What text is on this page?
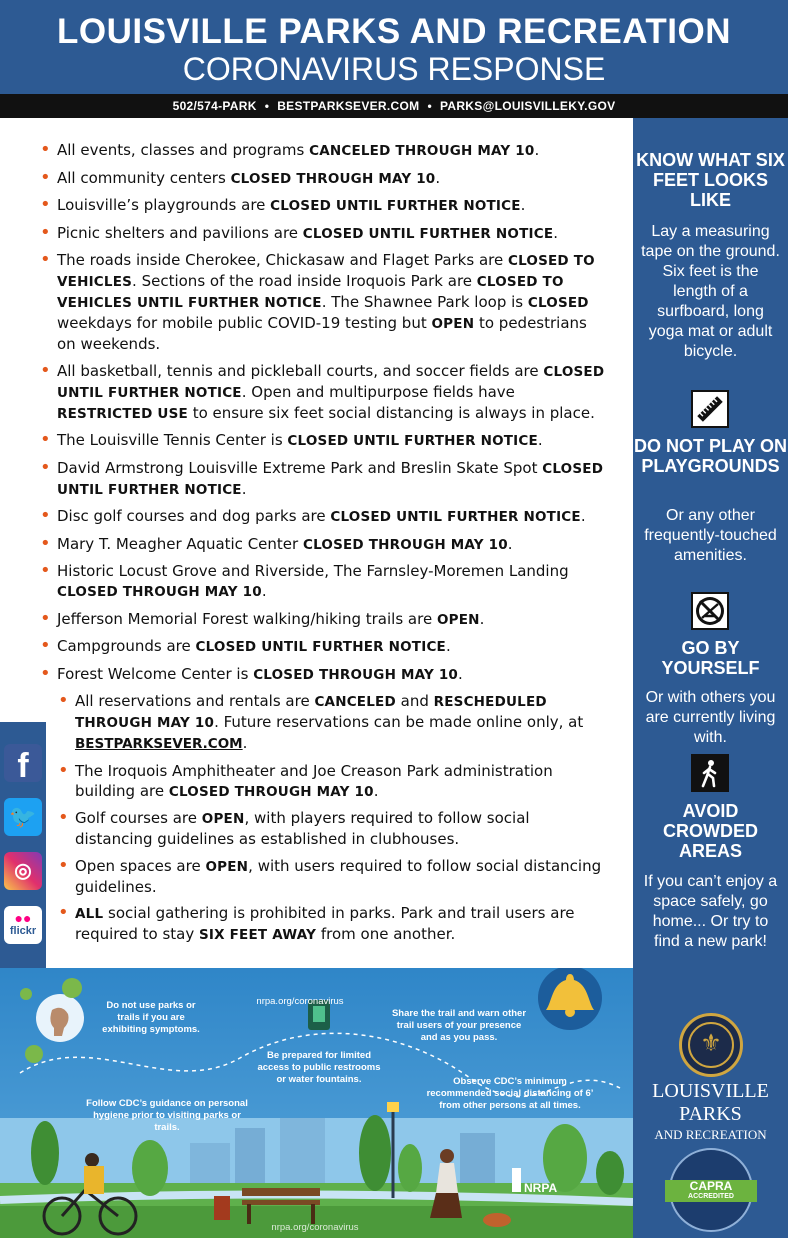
LOUISVILLE PARKS AND RECREATION
CORONAVIRUS RESPONSE
502/574-PARK • BESTPARKSEVER.COM • PARKS@LOUISVILLEKY.GOV
• All events, classes and programs CANCELED THROUGH MAY 10.
• All community centers CLOSED THROUGH MAY 10.
• Louisville’s playgrounds are CLOSED UNTIL FURTHER NOTICE.
• Picnic shelters and pavilions are CLOSED UNTIL FURTHER NOTICE.
• The roads inside Cherokee, Chickasaw and Flaget Parks are CLOSED TO VEHICLES. Sections of the road inside Iroquois Park are CLOSED TO VEHICLES UNTIL FURTHER NOTICE. The Shawnee Park loop is CLOSED weekdays for mobile public COVID-19 testing but OPEN to pedestrians on weekends.
• All basketball, tennis and pickleball courts, and soccer fields are CLOSED UNTIL FURTHER NOTICE. Open and multipurpose fields have RESTRICTED USE to ensure six feet social distancing is always in place.
• The Louisville Tennis Center is CLOSED UNTIL FURTHER NOTICE.
• David Armstrong Louisville Extreme Park and Breslin Skate Spot CLOSED UNTIL FURTHER NOTICE.
• Disc golf courses and dog parks are CLOSED UNTIL FURTHER NOTICE.
• Mary T. Meagher Aquatic Center CLOSED THROUGH MAY 10.
• Historic Locust Grove and Riverside, The Farnsley-Moremen Landing CLOSED THROUGH MAY 10.
• Jefferson Memorial Forest walking/hiking trails are OPEN.
• Campgrounds are CLOSED UNTIL FURTHER NOTICE.
• Forest Welcome Center is CLOSED THROUGH MAY 10.
• All reservations and rentals are CANCELED and RESCHEDULED THROUGH MAY 10. Future reservations can be made online only, at BESTPARKSEVER.COM.
• The Iroquois Amphitheater and Joe Creason Park administration building are CLOSED THROUGH MAY 10.
• Golf courses are OPEN, with players required to follow social distancing guidelines as established in clubhouses.
• Open spaces are OPEN, with users required to follow social distancing guidelines.
• ALL social gathering is prohibited in parks. Park and trail users are required to stay SIX FEET AWAY from one another.
f
🐦
◎
●●
flickr
KNOW WHAT SIX FEET LOOKS LIKE
Lay a measuring tape on the ground. Six feet is the length of a surfboard, long yoga mat or adult bicycle.
DO NOT PLAY ON PLAYGROUNDS
Or any other frequently-touched amenities.
GO BY YOURSELF
Or with others you are currently living with.
AVOID CROWDED AREAS
If you can’t enjoy a space safely, go home... Or try to find a new park!
⚜
LOUISVILLE
PARKS
AND RECREATION
CAPRA
ACCREDITED
Do not use parks or trails if you are exhibiting symptoms.
nrpa.org/coronavirus
Be prepared for limited access to public restrooms or water fountains.
Share the trail and warn other trail users of your presence and as you pass.
Follow CDC’s guidance on personal hygiene prior to visiting parks or trails.
Observe CDC’s minimum recommended social distancing of 6’ from other persons at all times.
NRPA
nrpa.org/coronavirus
